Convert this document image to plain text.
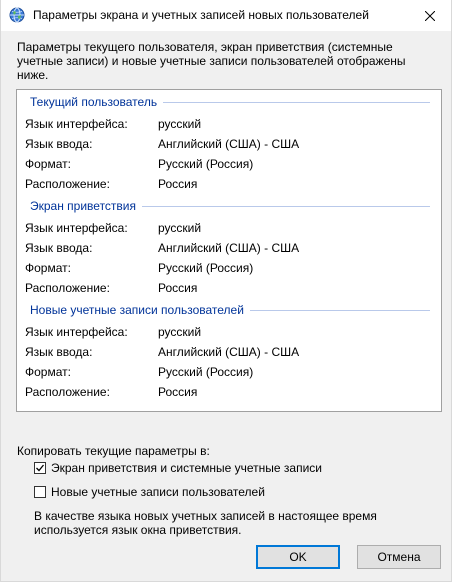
Параметры экрана и учетных записей новых пользователей
Параметры текущего пользователя, экран приветствия (системные учетные записи) и новые учетные записи пользователей отображены ниже.
Текущий пользователь
Язык интерфейса:	русский
Язык ввода:	Английский (США) - США
Формат:	Русский (Россия)
Расположение:	Россия
Экран приветствия
Язык интерфейса:	русский
Язык ввода:	Английский (США) - США
Формат:	Русский (Россия)
Расположение:	Россия
Новые учетные записи пользователей
Язык интерфейса:	русский
Язык ввода:	Английский (США) - США
Формат:	Русский (Россия)
Расположение:	Россия
Копировать текущие параметры в:
Экран приветствия и системные учетные записи
Новые учетные записи пользователей
В качестве языка новых учетных записей в настоящее время используется язык окна приветствия.
OK	Отмена
